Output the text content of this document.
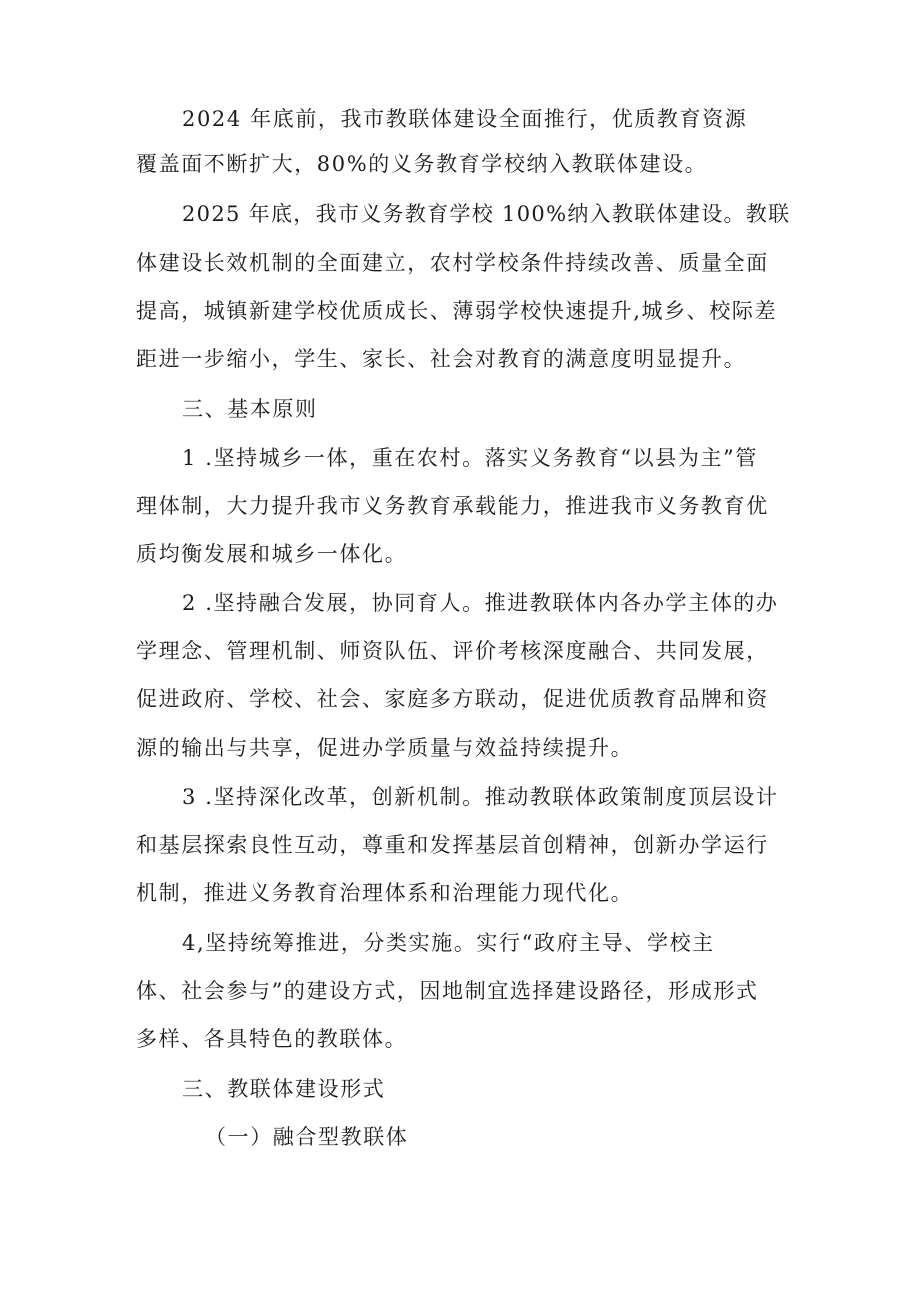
2024 年底前，我市教联体建设全面推行，优质教育资源
覆盖面不断扩大，80%的义务教育学校纳入教联体建设。
2025 年底，我市义务教育学校 100%纳入教联体建设。教联
体建设长效机制的全面建立，农村学校条件持续改善、质量全面
提高，城镇新建学校优质成长、薄弱学校快速提升,城乡、校际差
距进一步缩小，学生、家长、社会对教育的满意度明显提升。
三、基本原则
1 .坚持城乡一体，重在农村。落实义务教育“以县为主”管
理体制，大力提升我市义务教育承载能力，推进我市义务教育优
质均衡发展和城乡一体化。
2 .坚持融合发展，协同育人。推进教联体内各办学主体的办
学理念、管理机制、师资队伍、评价考核深度融合、共同发展，
促进政府、学校、社会、家庭多方联动，促进优质教育品牌和资
源的输出与共享，促进办学质量与效益持续提升。
3 .坚持深化改革，创新机制。推动教联体政策制度顶层设计
和基层探索良性互动，尊重和发挥基层首创精神，创新办学运行
机制，推进义务教育治理体系和治理能力现代化。
4,坚持统筹推进，分类实施。实行“政府主导、学校主
体、社会参与”的建设方式，因地制宜选择建设路径，形成形式
多样、各具特色的教联体。
三、教联体建设形式
（一）融合型教联体
